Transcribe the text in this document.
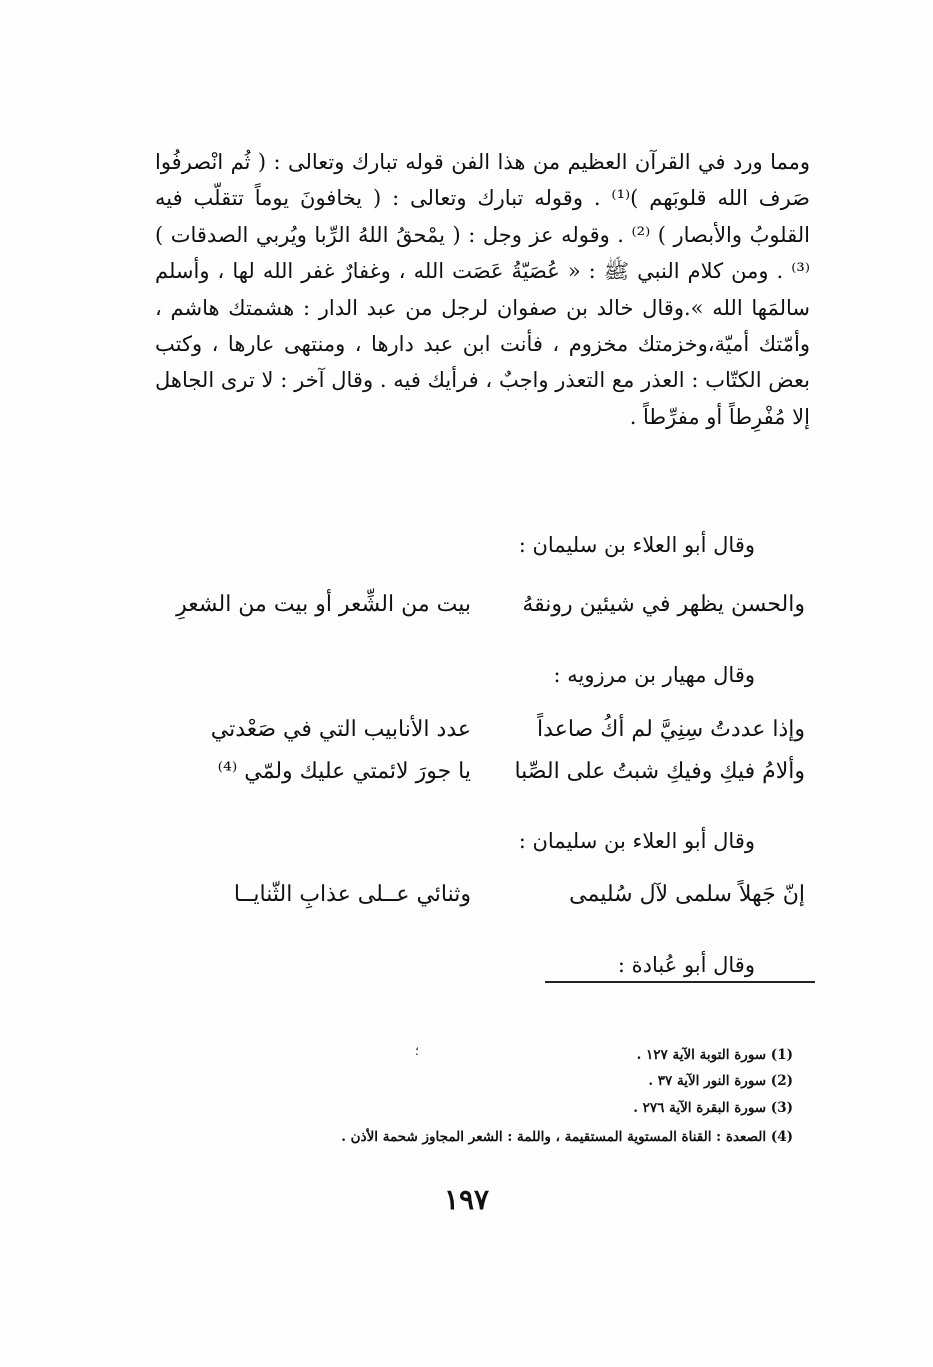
ومما ورد في القرآن العظيم من هذا الفن قوله تبارك وتعالى : ( ثُم انْصرفُوا صَرف الله قلوبَهم )⁽¹⁾ . وقوله تبارك وتعالى : ( يخافونَ يوماً تتقلّب فيه القلوبُ والأبصار ) ⁽²⁾ . وقوله عز وجل : ( يمْحقُ اللهُ الرِّبا ويُربي الصدقات )⁽³⁾ . ومن كلام النبي ﷺ : « عُصَيّةُ عَصَت الله ، وغفارٌ غفر الله لها ، وأسلم سالمَها الله ».وقال خالد بن صفوان لرجل من عبد الدار : هشمتك هاشم ، وأمّتك أميّة،وخزمتك مخزوم ، فأنت ابن عبد دارها ، ومنتهى عارها ، وكتب بعض الكتّاب : العذر مع التعذر واجبٌ ، فرأيك فيه . وقال آخر : لا ترى الجاهل إلا مُفْرِطاً أو مفرِّطاً .

وقال أبو العلاء بن سليمان :
والحسن يظهر في شيئين رونقهُ
بيت من الشِّعر أو بيت من الشعرِ
وقال مهيار بن مرزويه :
وإذا عددتُ سِنِيَّ لم أكُ صاعداً
عدد الأنابيب التي في صَعْدتي
وألامُ فيكِ وفيكِ شبتُ على الصِّبا
يا جورَ لائمتي عليك ولمّي ⁽⁴⁾
وقال أبو العلاء بن سليمان :
إنّ جَهلاً سلمى لآل سُليمى
وثنائي عــلى عذابِ الثّنايــا
وقال أبو عُبادة :
؛	(1) سورة التوبة الآية ١٢٧ .
(2) سورة النور الآية ٣٧ .
(3) سورة البقرة الآية ٢٧٦ .
(4) الصعدة : القناة المستوية المستقيمة ، واللمة : الشعر المجاوز شحمة الأذن .
١٩٧
